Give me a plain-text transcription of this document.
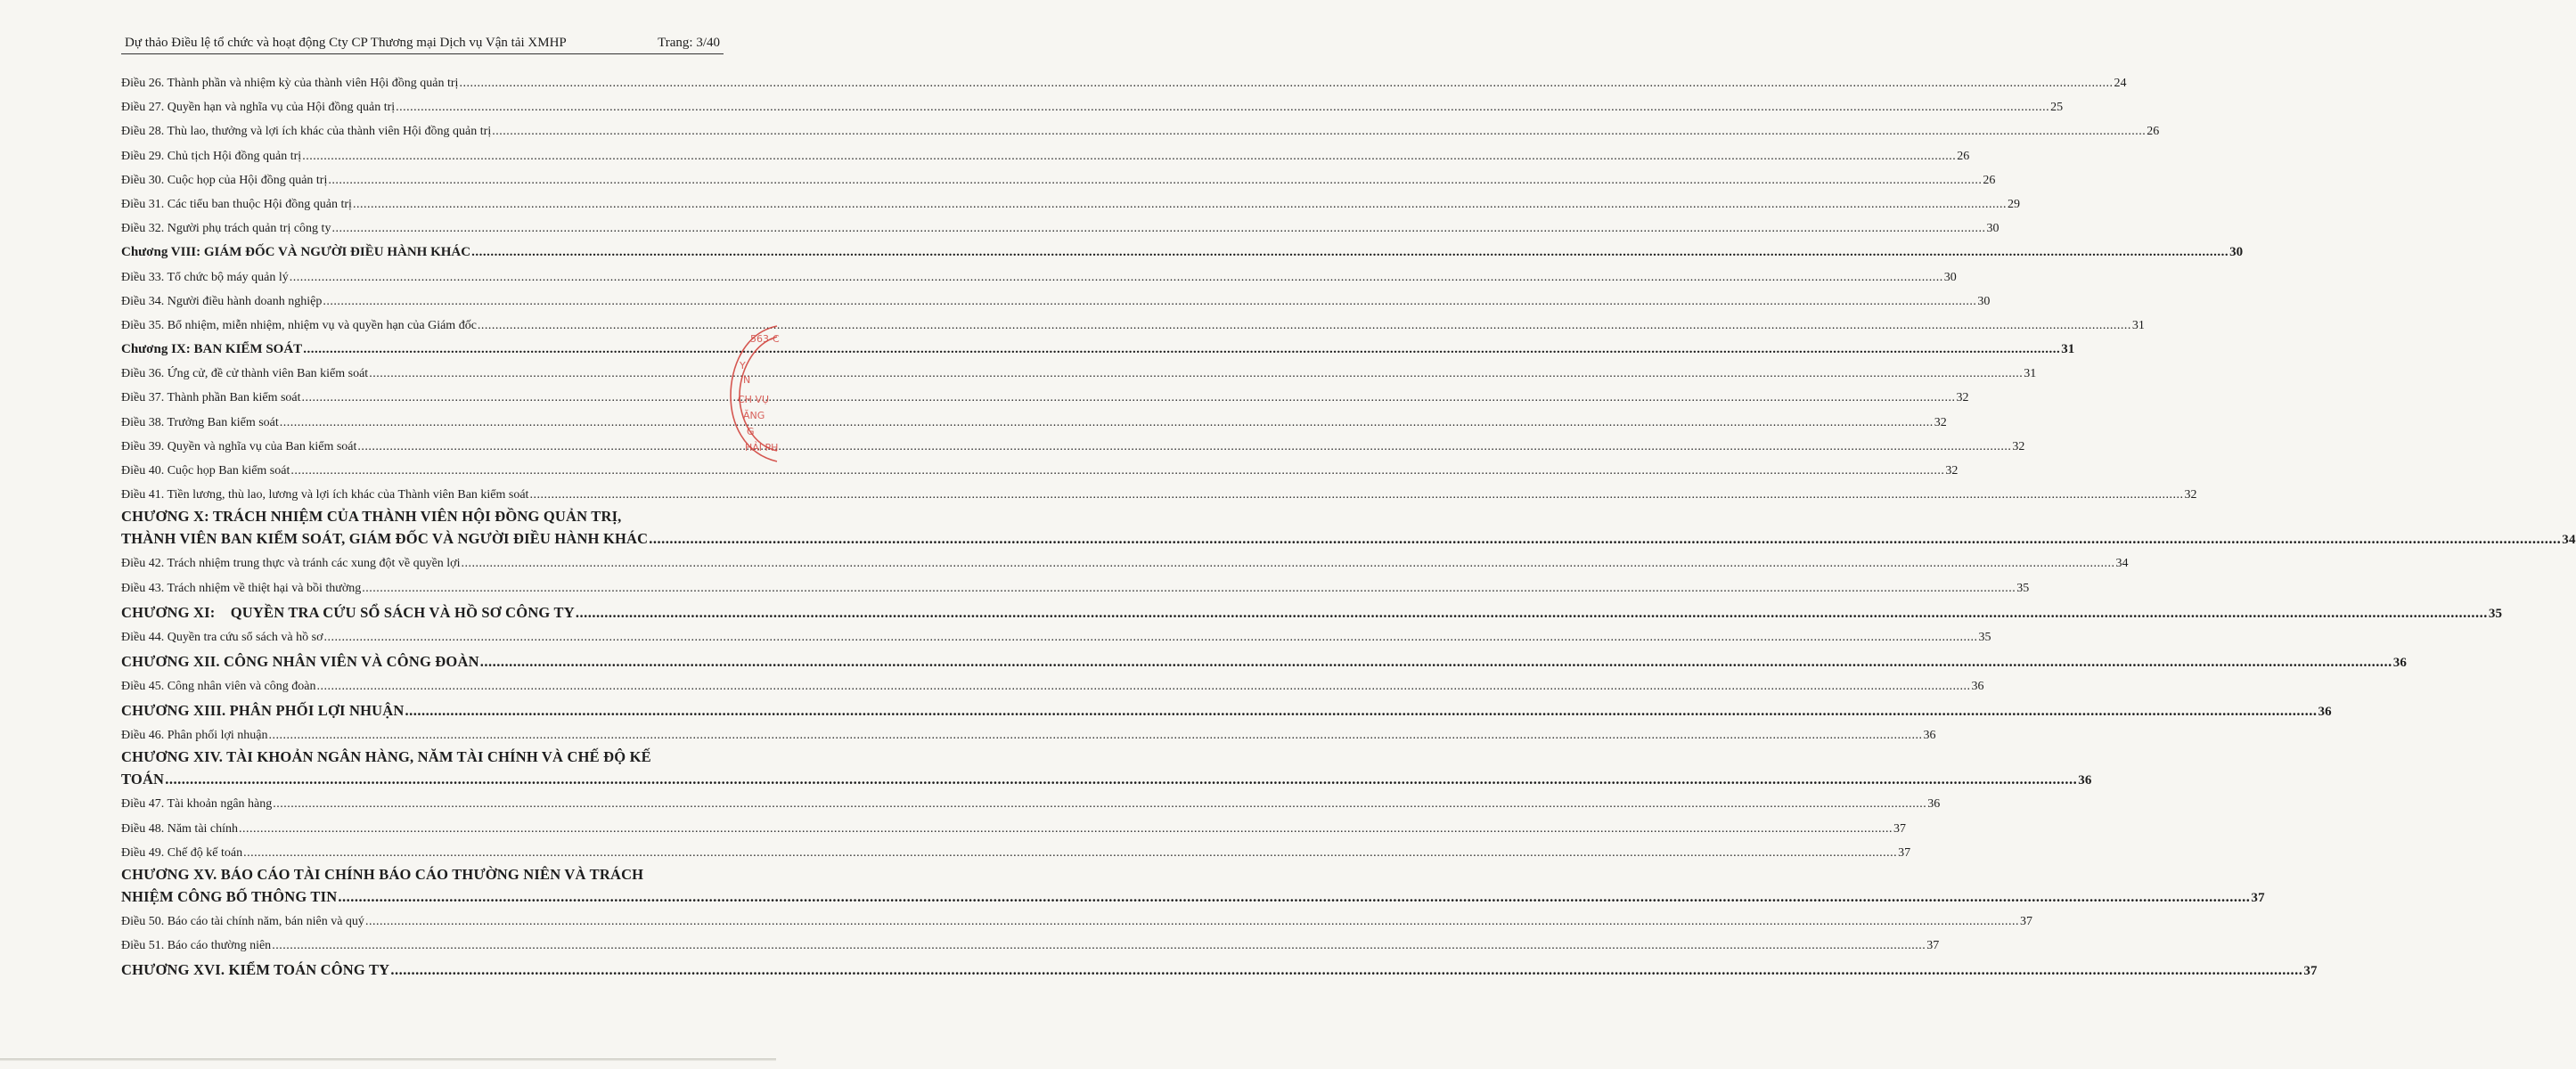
Dự thảo Điều lệ tổ chức và hoạt động Cty CP Thương mại Dịch vụ Vận tải XMHP	Trang: 3/40
Điều 26. Thành phần và nhiệm kỳ của thành viên Hội đồng quản trị .....	24
Điều 27. Quyền hạn và nghĩa vụ của Hội đồng quản trị .....	25
Điều 28. Thù lao, thưởng và lợi ích khác của thành viên Hội đồng quản trị .....	26
Điều 29. Chủ tịch Hội đồng quản trị .....	26
Điều 30. Cuộc họp của Hội đồng quản trị .....	26
Điều 31. Các tiểu ban thuộc Hội đồng quản trị .....	29
Điều 32. Người phụ trách quản trị công ty .....	30
Chương VIII: GIÁM ĐỐC VÀ NGƯỜI ĐIỀU HÀNH KHÁC .....	30
Điều 33. Tổ chức bộ máy quản lý .....	30
Điều 34. Người điều hành doanh nghiệp .....	30
Điều 35. Bổ nhiệm, miễn nhiệm, nhiệm vụ và quyền hạn của Giám đốc .....	31
Chương IX: BAN KIỂM SOÁT .....	31
Điều 36. Ứng cử, đề cử thành viên Ban kiểm soát .....	31
Điều 37. Thành phần Ban kiểm soát .....	32
Điều 38. Trưởng Ban kiểm soát .....	32
Điều 39. Quyền và nghĩa vụ của Ban kiểm soát .....	32
Điều 40. Cuộc họp Ban kiểm soát .....	32
Điều 41. Tiền lương, thù lao, lương và lợi ích khác của Thành viên Ban kiểm soát .....	32
CHƯƠNG X: TRÁCH NHIỆM CỦA THÀNH VIÊN HỘI ĐỒNG QUẢN TRỊ,
THÀNH VIÊN BAN KIỂM SOÁT, GIÁM ĐỐC VÀ NGƯỜI ĐIỀU HÀNH KHÁC .....	34
Điều 42. Trách nhiệm trung thực và tránh các xung đột về quyền lợi .....	34
Điều 43. Trách nhiệm về thiệt hại và bồi thường .....	35
CHƯƠNG XI:    QUYỀN TRA CỨU SỔ SÁCH VÀ HỒ SƠ CÔNG TY .....	35
Điều 44. Quyền tra cứu sổ sách và hồ sơ .....	35
CHƯƠNG XII. CÔNG NHÂN VIÊN VÀ CÔNG ĐOÀN .....	36
Điều 45. Công nhân viên và công đoàn .....	36
CHƯƠNG XIII. PHÂN PHỐI LỢI NHUẬN .....	36
Điều 46. Phân phối lợi nhuận .....	36
CHƯƠNG XIV. TÀI KHOẢN NGÂN HÀNG, NĂM TÀI CHÍNH VÀ CHẾ ĐỘ KẾ
TOÁN .....	36
Điều 47. Tài khoản ngân hàng .....	36
Điều 48. Năm tài chính .....	37
Điều 49. Chế độ kế toán .....	37
CHƯƠNG XV. BÁO CÁO TÀI CHÍNH BÁO CÁO THƯỜNG NIÊN VÀ TRÁCH
NHIỆM CÔNG BỐ THÔNG TIN .....	37
Điều 50. Báo cáo tài chính năm, bán niên và quý .....	37
Điều 51. Báo cáo thường niên .....	37
CHƯƠNG XVI. KIỂM TOÁN CÔNG TY .....	37
563-C
Y
N
CH VỤ
ĂNG
G
HẢI PH
